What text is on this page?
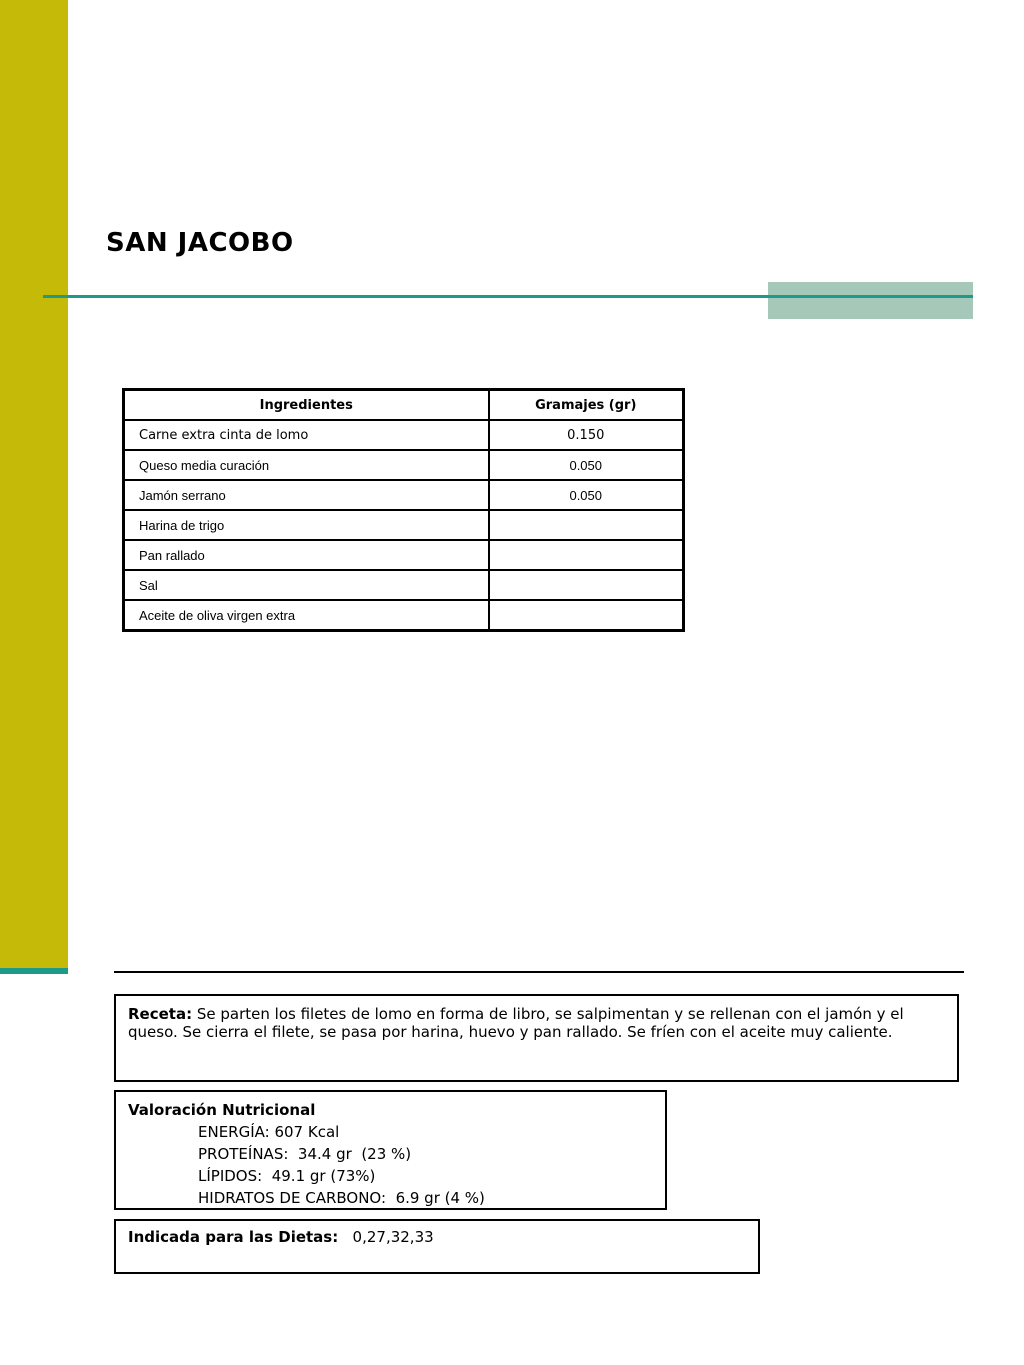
SAN JACOBO
Ingredientes	Gramajes (gr)
Carne extra cinta de lomo	0.150
Queso media curación	0.050
Jamón serrano	0.050
Harina de trigo	
Pan rallado	
Sal	
Aceite de oliva virgen extra	
Receta: Se parten los filetes de lomo en forma de libro, se salpimentan y se rellenan con el jamón y el queso. Se cierra el filete, se pasa por harina, huevo y pan rallado. Se fríen con el aceite muy caliente.
Valoración Nutricional
ENERGÍA: 607 Kcal
PROTEÍNAS:  34.4 gr  (23 %)
LÍPIDOS:  49.1 gr (73%)
HIDRATOS DE CARBONO:  6.9 gr (4 %)
Indicada para las Dietas: 0,27,32,33
